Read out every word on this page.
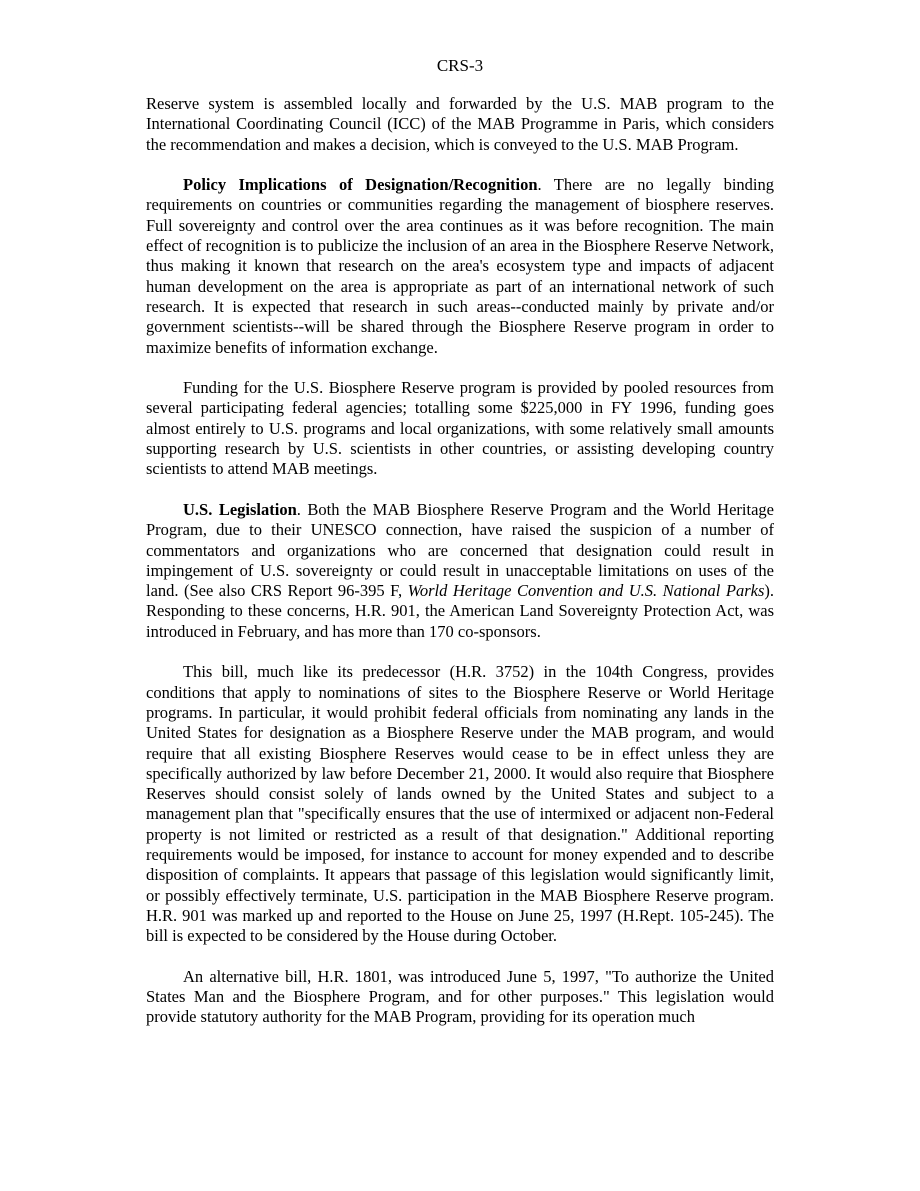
CRS-3

Reserve system is assembled locally and forwarded by the U.S. MAB program to the International Coordinating Council (ICC) of the MAB Programme in Paris, which considers the recommendation and makes a decision, which is conveyed to the U.S. MAB Program.

Policy Implications of Designation/Recognition. There are no legally binding requirements on countries or communities regarding the management of biosphere reserves. Full sovereignty and control over the area continues as it was before recognition. The main effect of recognition is to publicize the inclusion of an area in the Biosphere Reserve Network, thus making it known that research on the area's ecosystem type and impacts of adjacent human development on the area is appropriate as part of an international network of such research. It is expected that research in such areas--conducted mainly by private and/or government scientists--will be shared through the Biosphere Reserve program in order to maximize benefits of information exchange.

Funding for the U.S. Biosphere Reserve program is provided by pooled resources from several participating federal agencies; totalling some $225,000 in FY 1996, funding goes almost entirely to U.S. programs and local organizations, with some relatively small amounts supporting research by U.S. scientists in other countries, or assisting developing country scientists to attend MAB meetings.

U.S. Legislation. Both the MAB Biosphere Reserve Program and the World Heritage Program, due to their UNESCO connection, have raised the suspicion of a number of commentators and organizations who are concerned that designation could result in impingement of U.S. sovereignty or could result in unacceptable limitations on uses of the land. (See also CRS Report 96-395 F, World Heritage Convention and U.S. National Parks). Responding to these concerns, H.R. 901, the American Land Sovereignty Protection Act, was introduced in February, and has more than 170 co-sponsors.

This bill, much like its predecessor (H.R. 3752) in the 104th Congress, provides conditions that apply to nominations of sites to the Biosphere Reserve or World Heritage programs. In particular, it would prohibit federal officials from nominating any lands in the United States for designation as a Biosphere Reserve under the MAB program, and would require that all existing Biosphere Reserves would cease to be in effect unless they are specifically authorized by law before December 21, 2000. It would also require that Biosphere Reserves should consist solely of lands owned by the United States and subject to a management plan that "specifically ensures that the use of intermixed or adjacent non-Federal property is not limited or restricted as a result of that designation." Additional reporting requirements would be imposed, for instance to account for money expended and to describe disposition of complaints. It appears that passage of this legislation would significantly limit, or possibly effectively terminate, U.S. participation in the MAB Biosphere Reserve program. H.R. 901 was marked up and reported to the House on June 25, 1997 (H.Rept. 105-245). The bill is expected to be considered by the House during October.

An alternative bill, H.R. 1801, was introduced June 5, 1997, "To authorize the United States Man and the Biosphere Program, and for other purposes." This legislation would provide statutory authority for the MAB Program, providing for its operation much
